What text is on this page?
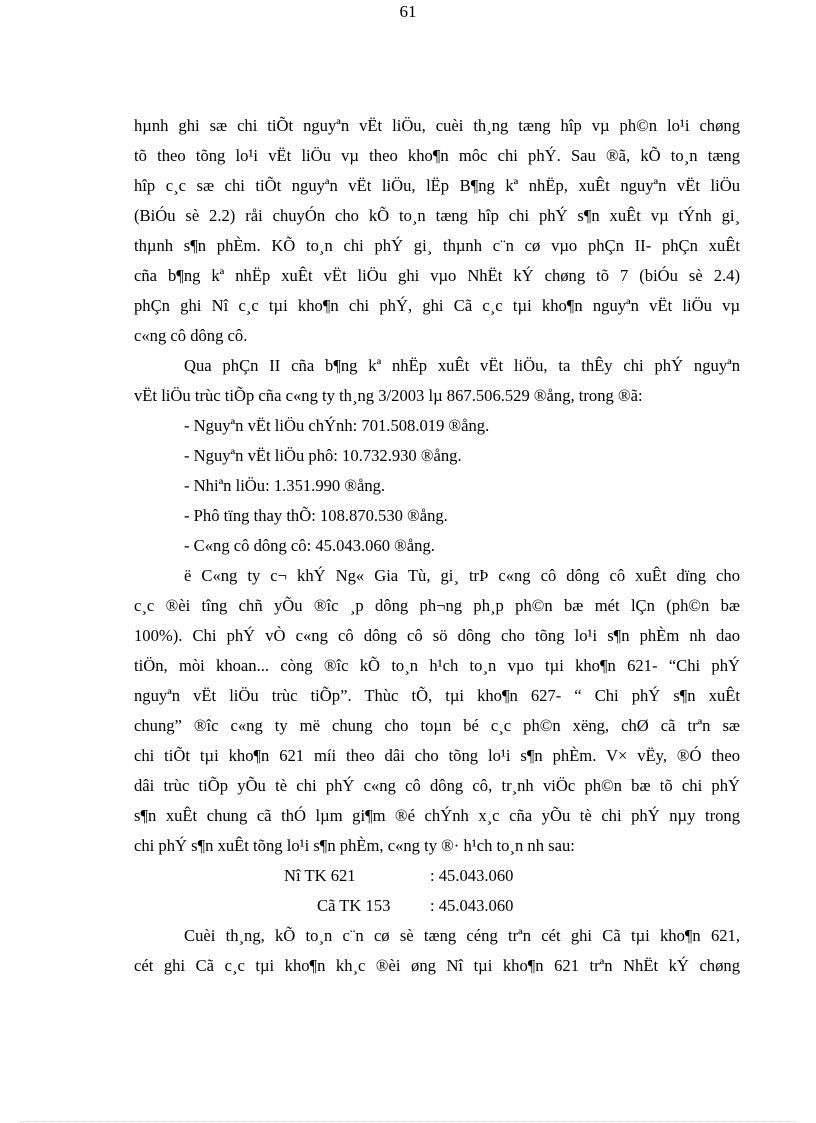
61
hµnh ghi sæ chi tiÕt nguyªn vËt liÖu, cuèi th¸ng tæng hîp vµ ph©n lo¹i chøng
tõ theo tõng lo¹i vËt liÖu vµ theo kho¶n môc chi phÝ. Sau ®ã, kÕ to¸n tæng
hîp c¸c sæ chi tiÕt nguyªn vËt liÖu, lËp B¶ng kª nhËp, xuÊt nguyªn vËt liÖu
(BiÓu sè 2.2) råi chuyÓn cho kÕ to¸n tæng hîp chi phÝ s¶n xuÊt vµ tÝnh gi¸
thµnh s¶n phÈm. KÕ to¸n chi phÝ gi¸ thµnh c¨n cø vµo phÇn II- phÇn xuÊt
cña b¶ng kª nhËp xuÊt vËt liÖu ghi vµo NhËt kÝ chøng tõ 7 (biÓu sè 2.4)
phÇn ghi Nî c¸c tµi kho¶n chi phÝ, ghi Cã c¸c tµi kho¶n nguyªn vËt liÖu vµ
c«ng cô dông cô.
Qua phÇn II cña b¶ng kª nhËp xuÊt vËt liÖu, ta thÊy chi phÝ nguyªn
vËt liÖu trùc tiÕp cña c«ng ty th¸ng 3/2003 lµ 867.506.529 ®ång, trong ®ã:
- Nguyªn vËt liÖu chÝnh: 701.508.019 ®ång.
- Nguyªn vËt liÖu phô: 10.732.930 ®ång.
- Nhiªn liÖu: 1.351.990 ®ång.
- Phô tïng thay thÕ: 108.870.530 ®ång.
- C«ng cô dông cô: 45.043.060 ®ång.
ë C«ng ty c¬ khÝ Ng« Gia Tù, gi¸ trÞ c«ng cô dông cô xuÊt dïng cho
c¸c ®èi tîng chñ yÕu ®îc ¸p dông ph¬ng ph¸p ph©n bæ mét lÇn (ph©n bæ
100%). Chi phÝ vÒ c«ng cô dông cô sö dông cho tõng lo¹i s¶n phÈm nh dao
tiÖn, mòi khoan... còng ®îc kÕ to¸n h¹ch to¸n vµo tµi kho¶n 621- “Chi phÝ
nguyªn vËt liÖu trùc tiÕp”. Thùc tÕ, tµi kho¶n 627- “ Chi phÝ s¶n xuÊt
chung” ®îc c«ng ty më chung cho toµn bé c¸c ph©n xëng, chØ cã trªn sæ
chi tiÕt tµi kho¶n 621 míi theo dâi cho tõng lo¹i s¶n phÈm. V× vËy, ®Ó theo
dâi trùc tiÕp yÕu tè chi phÝ c«ng cô dông cô, tr¸nh viÖc ph©n bæ tõ chi phÝ
s¶n xuÊt chung cã thÓ lµm gi¶m ®é chÝnh x¸c cña yÕu tè chi phÝ nµy trong
chi phÝ s¶n xuÊt tõng lo¹i s¶n phÈm, c«ng ty ®· h¹ch to¸n nh sau:
Nî TK 621	: 45.043.060
Cã TK 153 : 45.043.060
Cuèi th¸ng, kÕ to¸n c¨n cø sè tæng céng trªn cét ghi Cã tµi kho¶n 621,
cét ghi Cã c¸c tµi kho¶n kh¸c ®èi øng Nî tµi kho¶n 621 trªn NhËt kÝ chøng
